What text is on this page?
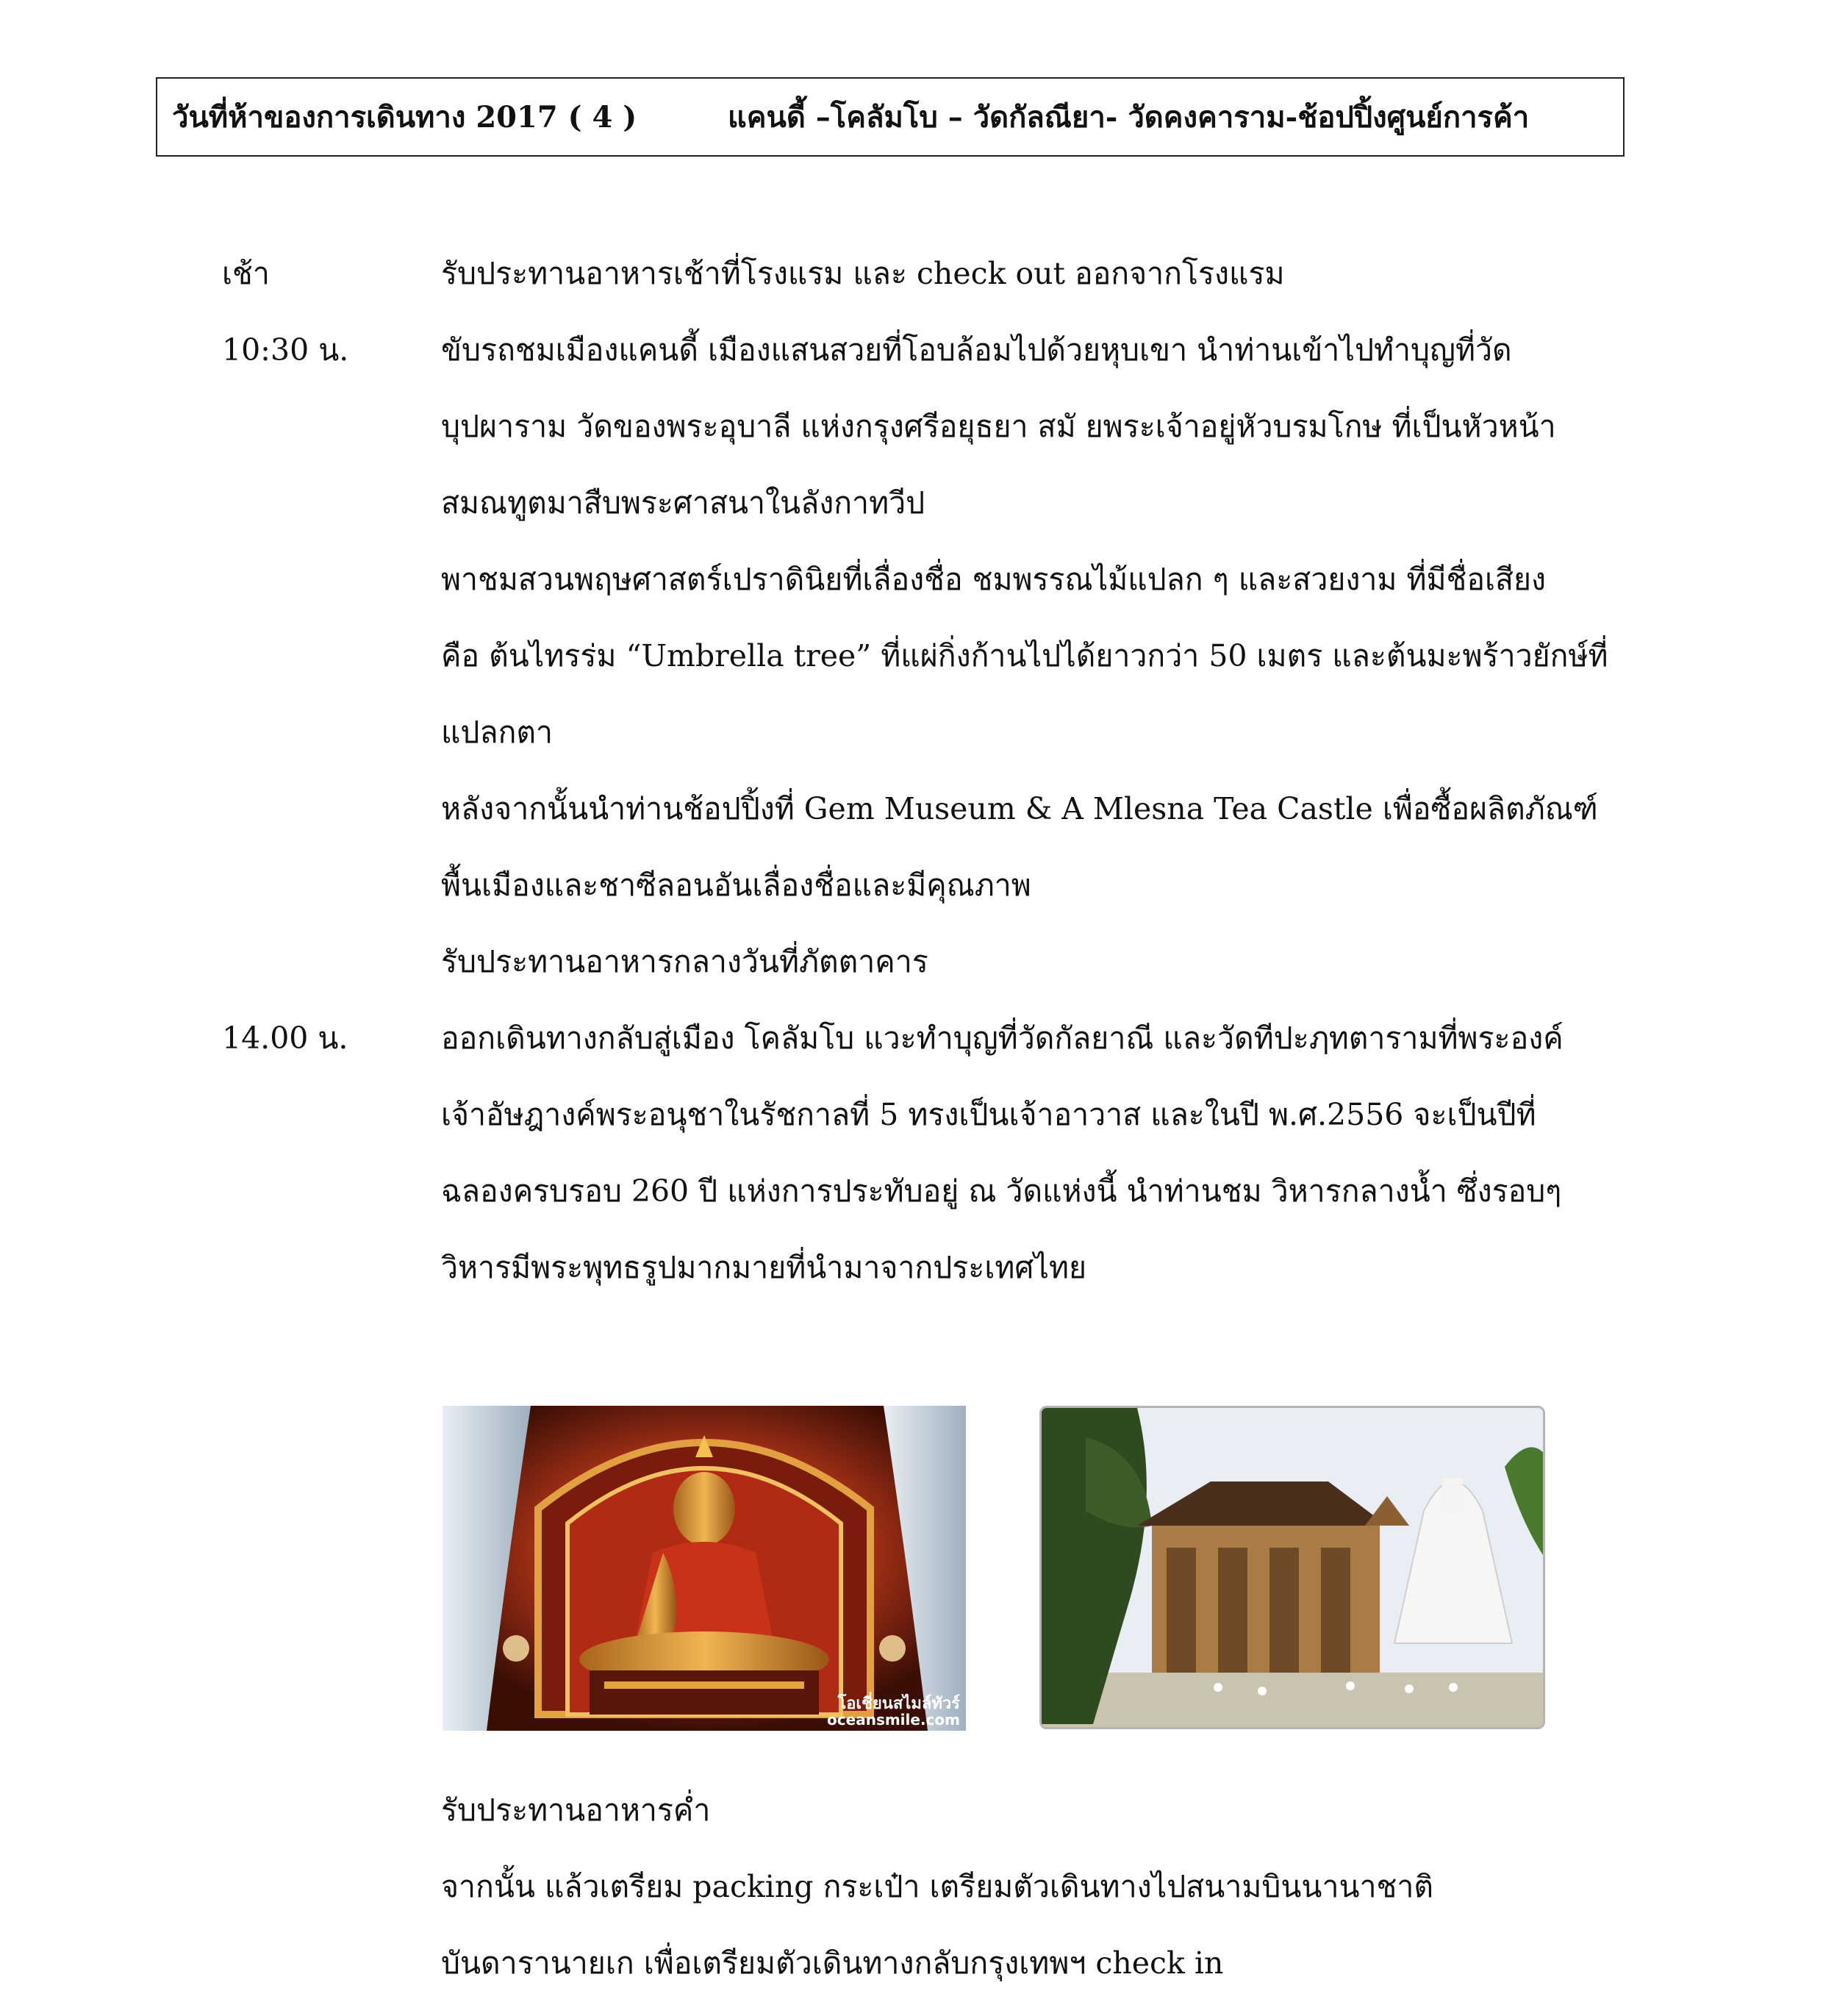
วันที่ห้าของการเดินทาง 2017 ( 4 )	แคนดี้ –โคลัมโบ – วัดกัลณียา- วัดคงคาราม-ช้อปปิ้งศูนย์การค้า
เช้า	รับประทานอาหารเช้าที่โรงแรม และ check out ออกจากโรงแรม
10:30 น.	ขับรถชมเมืองแคนดี้ เมืองแสนสวยที่โอบล้อมไปด้วยหุบเขา นำท่านเข้าไปทำบุญที่วัด
บุปผาราม วัดของพระอุบาลี แห่งกรุงศรีอยุธยา สมั ยพระเจ้าอยู่หัวบรมโกษ ที่เป็นหัวหน้า
สมณทูตมาสืบพระศาสนาในลังกาทวีป
พาชมสวนพฤษศาสตร์เปราดินิยที่เลื่องชื่อ ชมพรรณไม้แปลก ๆ และสวยงาม ที่มีชื่อเสียง
คือ ต้นไทรร่ม “Umbrella tree” ที่แผ่กิ่งก้านไปได้ยาวกว่า 50 เมตร และต้นมะพร้าวยักษ์ที่
แปลกตา
หลังจากนั้นนำท่านช้อปปิ้งที่ Gem Museum & A Mlesna Tea Castle เพื่อซื้อผลิตภัณฑ์
พื้นเมืองและชาซีลอนอันเลื่องชื่อและมีคุณภาพ
รับประทานอาหารกลางวันที่ภัตตาคาร
14.00 น.	ออกเดินทางกลับสู่เมือง โคลัมโบ แวะทำบุญที่วัดกัลยาณี และวัดทีปะฦทตารามที่พระองค์
เจ้าอัษฎางค์พระอนุชาในรัชกาลที่ 5 ทรงเป็นเจ้าอาวาส และในปี พ.ศ.2556 จะเป็นปีที่
ฉลองครบรอบ 260 ปี แห่งการประทับอยู่ ณ วัดแห่งนี้ นำท่านชม วิหารกลางน้ำ ซึ่งรอบๆ
วิหารมีพระพุทธรูปมากมายที่นำมาจากประเทศไทย
โอเชี่ยนสไมล์ทัวร์
oceansmile.com
รับประทานอาหารค่ำ
จากนั้น แล้วเตรียม packing กระเป๋า เตรียมตัวเดินทางไปสนามบินนานาชาติ
บันดารานายเก เพื่อเตรียมตัวเดินทางกลับกรุงเทพฯ check in
